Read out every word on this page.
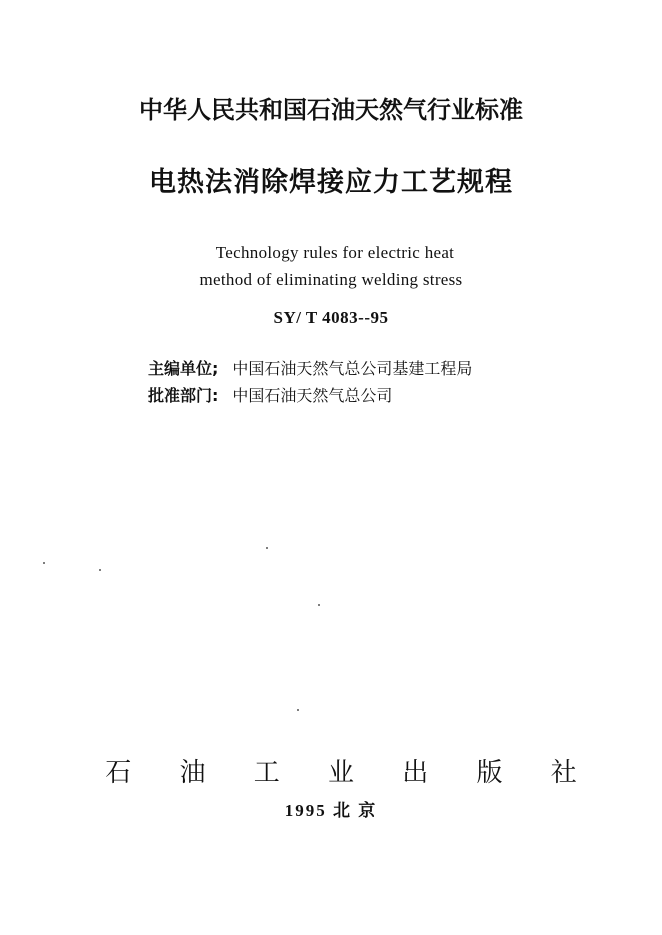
中华人民共和国石油天然气行业标准
电热法消除焊接应力工艺规程
Technology rules for electric heat
method of eliminating welding stress
SY/ T 4083--95
主编单位; 中国石油天然气总公司基建工程局
批准部门: 中国石油天然气总公司
石 油 工 业 出 版 社
1995 北 京
